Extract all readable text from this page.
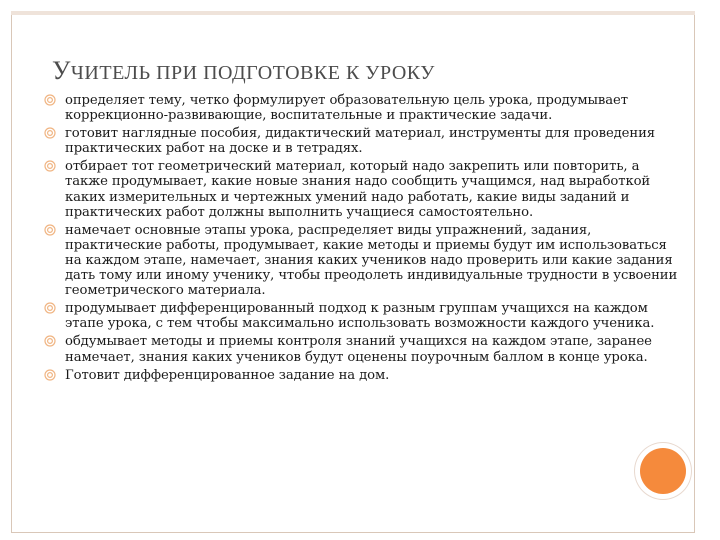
УЧИТЕЛЬ ПРИ ПОДГОТОВКЕ К УРОКУ
определяет тему, четко формулирует образовательную цель урока, продумывает коррекционно-развивающие, воспитательные и практические задачи.
готовит наглядные пособия, дидактический материал, инструменты для проведения практических работ на доске и в тетрадях.
отбирает тот геометрический материал, который надо закрепить или повторить, а также продумывает, какие новые знания надо сообщить учащимся, над выработкой каких измерительных и чертежных умений надо работать, какие виды заданий и практических работ должны выполнить учащиеся самостоятельно.
намечает основные этапы урока, распределяет виды упражнений, задания, практические работы, продумывает, какие методы и приемы будут им использоваться на каждом этапе, намечает, знания каких учеников надо проверить или какие задания дать тому или иному ученику, чтобы преодолеть индивидуальные трудности в усвоении геометрического материала.
продумывает дифференцированный подход к разным группам учащихся на каждом этапе урока, с тем чтобы максимально использовать возможности каждого ученика.
обдумывает методы и приемы контроля знаний учащихся на каждом этапе, заранее намечает, знания каких учеников будут оценены поурочным баллом в конце урока.
Готовит дифференцированное задание на дом.
